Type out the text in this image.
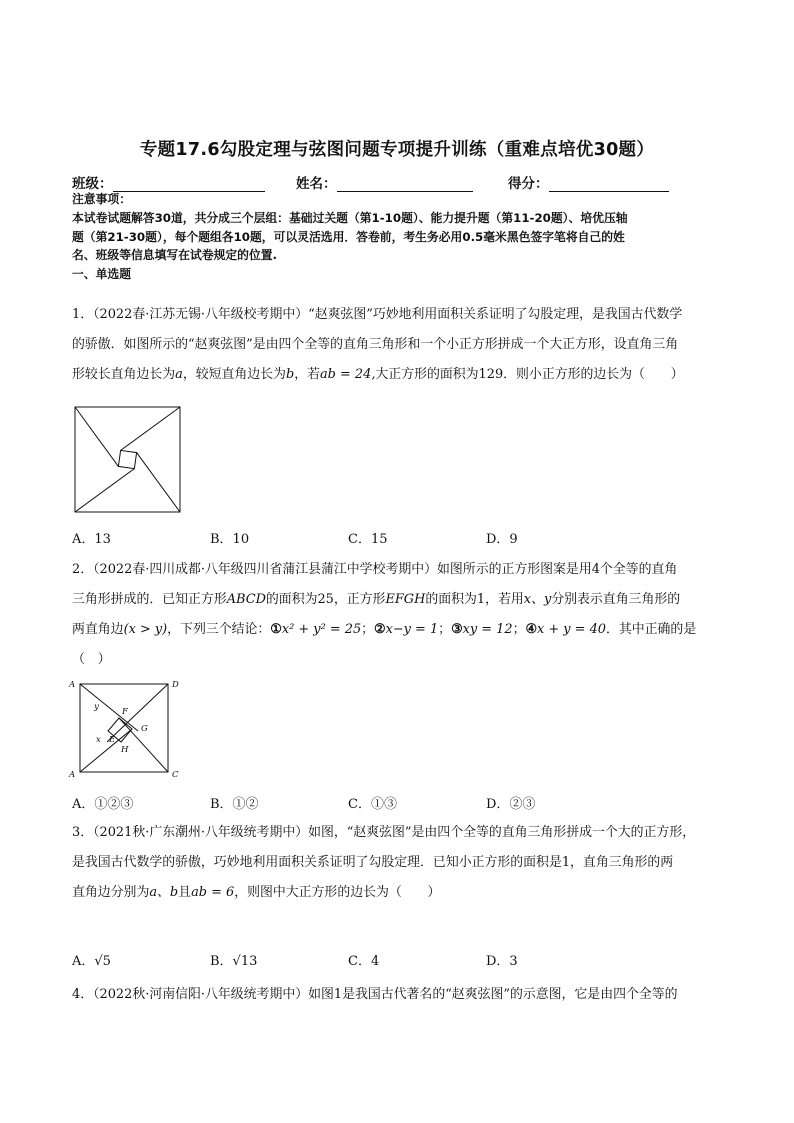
专题17.6勾股定理与弦图问题专项提升训练（重难点培优30题）
班级：	姓名：	得分：
注意事项：
本试卷试题解答30道，共分成三个层组：基础过关题（第1-10题）、能力提升题（第11-20题）、培优压轴
题（第21-30题），每个题组各10题，可以灵活选用．答卷前，考生务必用0.5毫米黑色签字笔将自己的姓
名、班级等信息填写在试卷规定的位置.
一、单选题
1．（2022春·江苏无锡·八年级校考期中）“赵爽弦图”巧妙地利用面积关系证明了勾股定理，是我国古代数学
的骄傲．如图所示的“赵爽弦图”是由四个全等的直角三角形和一个小正方形拼成一个大正方形，设直角三角
形较长直角边长为a，较短直角边长为b，若ab = 24,大正方形的面积为129．则小正方形的边长为（　　）
A．13	B．10	C．15	D．9
2．（2022春·四川成都·八年级四川省蒲江县蒲江中学校考期中）如图所示的正方形图案是用4个全等的直角
三角形拼成的．已知正方形ABCD的面积为25，正方形EFGH的面积为1，若用x、y分别表示直角三角形的
两直角边(x > y)，下列三个结论：①x² + y² = 25；②x−y = 1；③xy = 12；④x + y = 40．其中正确的是
（　）
A	D
A	C
F
G
E
H
x
y
A．①②③	B．①②	C．①③	D．②③
3．（2021秋·广东潮州·八年级统考期中）如图，“赵爽弦图”是由四个全等的直角三角形拼成一个大的正方形，
是我国古代数学的骄傲，巧妙地利用面积关系证明了勾股定理．已知小正方形的面积是1，直角三角形的两
直角边分别为a、b且ab = 6，则图中大正方形的边长为（　　）
A．√5	B．√13	C．4	D．3
4．（2022秋·河南信阳·八年级统考期中）如图1是我国古代著名的“赵爽弦图”的示意图，它是由四个全等的
